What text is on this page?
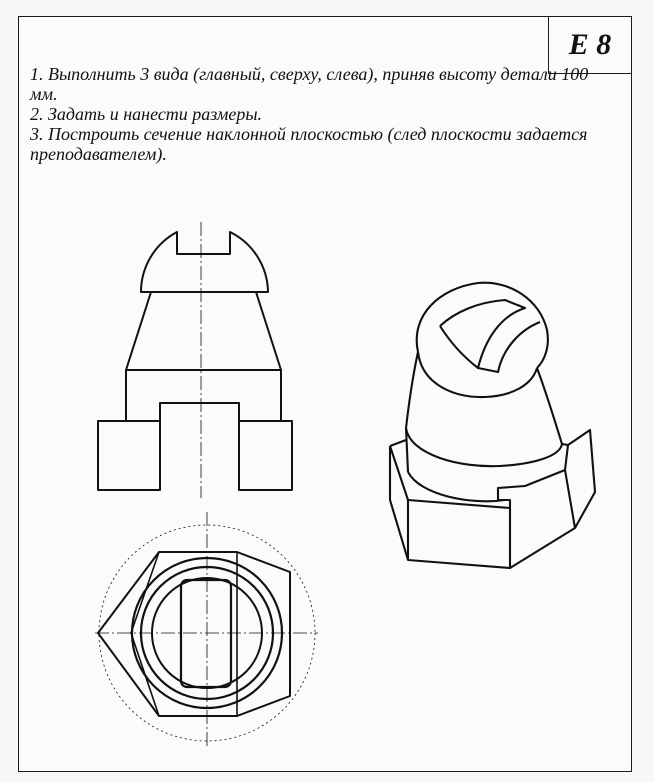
Е 8

1. Выполнить 3 вида (главный, сверху, слева), приняв высоту детали 100 мм.

2. Задать и нанести размеры.

3. Построить сечение наклонной плоскостью (след плоскости задается преподавателем).
